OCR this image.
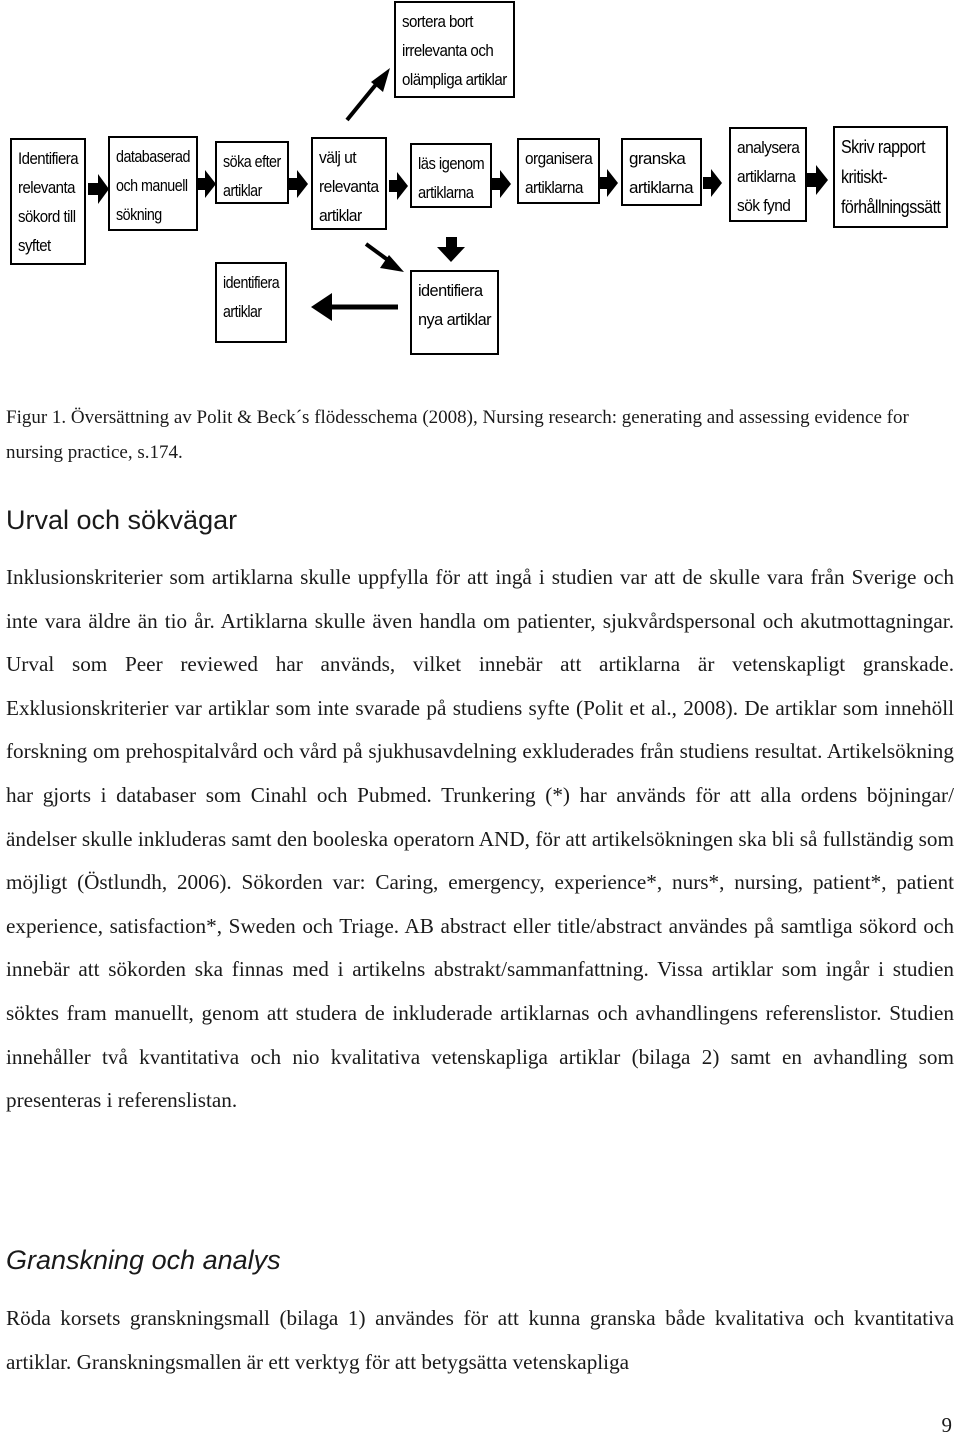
Identifiera
relevanta
sökord till
syftet
databaserad
och manuell
sökning
söka efter
artiklar
välj ut
relevanta
artiklar
läs igenom
artiklarna
organisera
artiklarna
granska
artiklarna
analysera
artiklarna
sök fynd
Skriv rapport
kritiskt-
förhållningssätt
sortera bort
irrelevanta och
olämpliga artiklar
identifiera
artiklar
identifiera
nya artiklar
Figur 1. Översättning av Polit & Beck´s flödesschema (2008), Nursing research: generating and assessing evidence for nursing practice, s.174.
Urval och sökvägar

Inklusionskriterier som artiklarna skulle uppfylla för att ingå i studien var att de skulle vara från Sverige och inte vara äldre än tio år. Artiklarna skulle även handla om patienter, sjukvårdspersonal och akutmottagningar. Urval som Peer reviewed har används, vilket innebär att artiklarna är vetenskapligt granskade. Exklusionskriterier var artiklar som inte svarade på studiens syfte (Polit et al., 2008). De artiklar som innehöll forskning om prehospitalvård och vård på sjukhusavdelning exkluderades från studiens resultat. Artikelsökning har gjorts i databaser som Cinahl och Pubmed. Trunkering (*) har används för att alla ordens böjningar/ändelser skulle inkluderas samt den booleska operatorn AND, för att artikelsökningen ska bli så fullständig som möjligt (Östlundh, 2006). Sökorden var: Caring, emergency, experience*, nurs*, nursing, patient*, patient experience, satisfaction*, Sweden och Triage. AB abstract eller title/abstract användes på samtliga sökord och innebär att sökorden ska finnas med i artikelns abstrakt/sammanfattning. Vissa artiklar som ingår i studien söktes fram manuellt, genom att studera de inkluderade artiklarnas och avhandlingens referenslistor. Studien innehåller två kvantitativa och nio kvalitativa vetenskapliga artiklar (bilaga 2) samt en avhandling som presenteras i referenslistan.

Granskning och analys

Röda korsets granskningsmall (bilaga 1) användes för att kunna granska både kvalitativa och kvantitativa artiklar. Granskningsmallen är ett verktyg för att betygsätta vetenskapliga

9
